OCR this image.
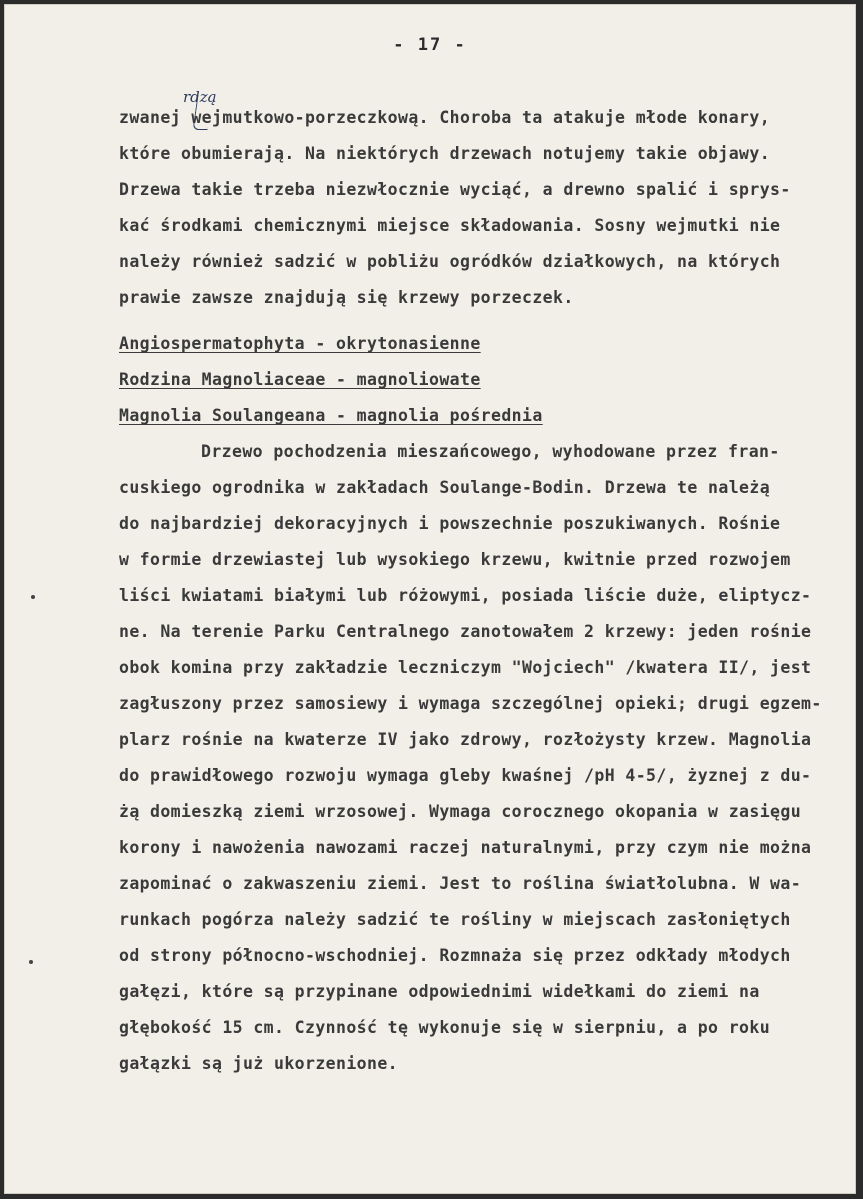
- 17 -
rdzą
zwanej wejmutkowo-porzeczkową. Choroba ta atakuje młode konary,
które obumierają. Na niektórych drzewach notujemy takie objawy.
Drzewa takie trzeba niezwłocznie wyciąć, a drewno spalić i sprys-
kać środkami chemicznymi miejsce składowania. Sosny wejmutki nie
należy również sadzić w pobliżu ogródków działkowych, na których
prawie zawsze znajdują się krzewy porzeczek.
Angiospermatophyta - okrytonasienne
Rodzina Magnoliaceae - magnoliowate
Magnolia Soulangeana - magnolia pośrednia
Drzewo pochodzenia mieszańcowego, wyhodowane przez fran-
cuskiego ogrodnika w zakładach Soulange-Bodin. Drzewa te należą
do najbardziej dekoracyjnych i powszechnie poszukiwanych. Rośnie
w formie drzewiastej lub wysokiego krzewu, kwitnie przed rozwojem
liści kwiatami białymi lub różowymi, posiada liście duże, eliptycz-
ne. Na terenie Parku Centralnego zanotowałem 2 krzewy: jeden rośnie
obok komina przy zakładzie leczniczym "Wojciech" /kwatera II/, jest
zagłuszony przez samosiewy i wymaga szczególnej opieki; drugi egzem-
plarz rośnie na kwaterze IV jako zdrowy, rozłożysty krzew. Magnolia
do prawidłowego rozwoju wymaga gleby kwaśnej /pH 4-5/, żyznej z du-
żą domieszką ziemi wrzosowej. Wymaga corocznego okopania w zasięgu
korony i nawożenia nawozami raczej naturalnymi, przy czym nie można
zapominać o zakwaszeniu ziemi. Jest to roślina światłolubna. W wa-
runkach pogórza należy sadzić te rośliny w miejscach zasłoniętych
od strony północno-wschodniej. Rozmnaża się przez odkłady młodych
gałęzi, które są przypinane odpowiednimi widełkami do ziemi na
głębokość 15 cm. Czynność tę wykonuje się w sierpniu, a po roku
gałązki są już ukorzenione.
